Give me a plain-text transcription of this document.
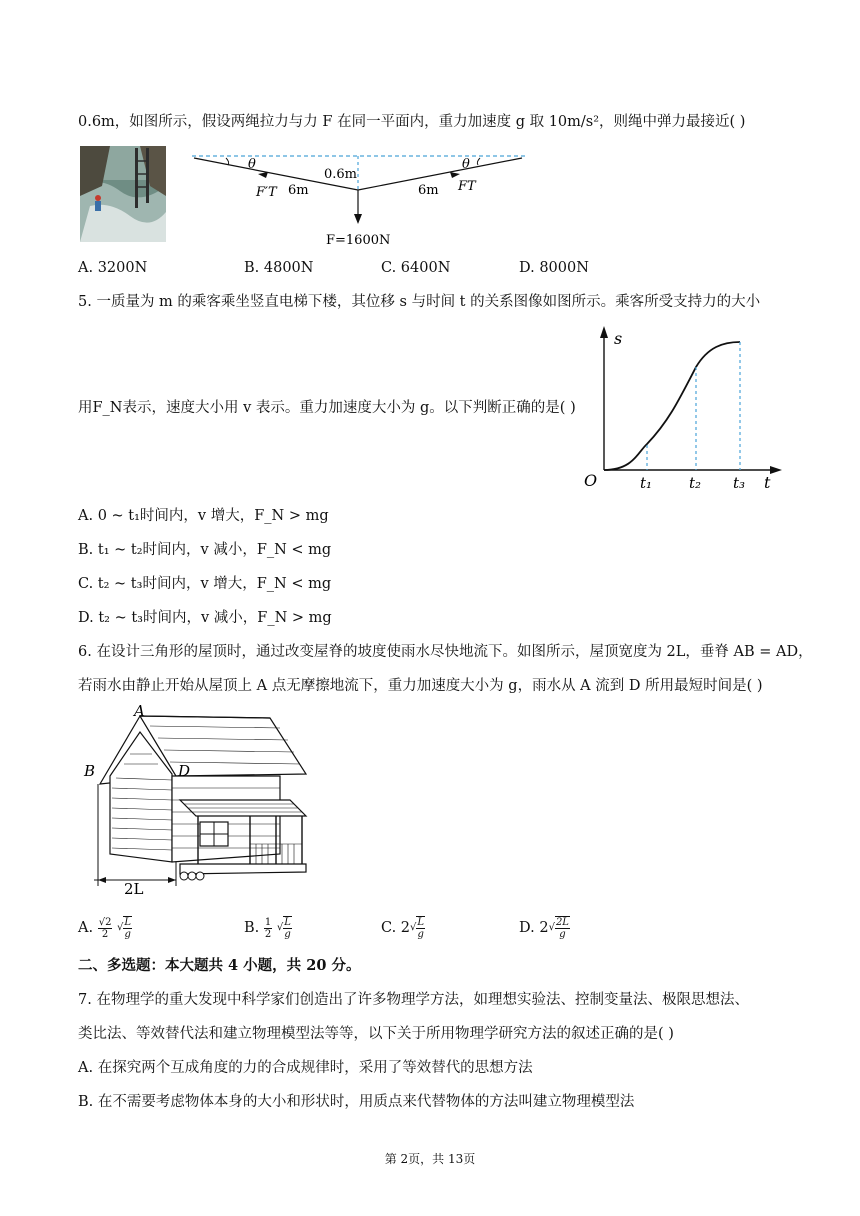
0.6m，如图所示，假设两绳拉力与力 F 在同一平面内，重力加速度 g 取 10m/s²，则绳中弹力最接近( )
θ	θ
0.6m
6m	6m
F′T	FT
F=1600N
A. 3200N	B. 4800N	C. 6400N	D. 8000N
5. 一质量为 m 的乘客乘坐竖直电梯下楼，其位移 s 与时间 t 的关系图像如图所示。乘客所受支持力的大小
用F_N表示，速度大小用 v 表示。重力加速度大小为 g。以下判断正确的是( )
s
t
O	t₁ t₂ t₃
A. 0 ~ t₁时间内，v 增大，F_N > mg
B. t₁ ~ t₂时间内，v 减小，F_N < mg
C. t₂ ~ t₃时间内，v 增大，F_N < mg
D. t₂ ~ t₃时间内，v 减小，F_N > mg
6. 在设计三角形的屋顶时，通过改变屋脊的坡度使雨水尽快地流下。如图所示，屋顶宽度为 2L，垂脊 AB = AD，
若雨水由静止开始从屋顶上 A 点无摩擦地流下，重力加速度大小为 g，雨水从 A 流到 D 所用最短时间是( )
A
B	D
2L
A. $\frac{√2}{2}$ √ $\frac{L}{g}$	B. $\frac{1}{2}$ √ $\frac{L}{g}$	C. $2√ \frac{L}{g}$	D. $2√ \frac{2L}{g}$
二、多选题：本大题共 4 小题，共 20 分。
7. 在物理学的重大发现中科学家们创造出了许多物理学方法，如理想实验法、控制变量法、极限思想法、
类比法、等效替代法和建立物理模型法等等，以下关于所用物理学研究方法的叙述正确的是( )
A. 在探究两个互成角度的力的合成规律时，采用了等效替代的思想方法
B. 在不需要考虑物体本身的大小和形状时，用质点来代替物体的方法叫建立物理模型法
第 2页，共 13页
